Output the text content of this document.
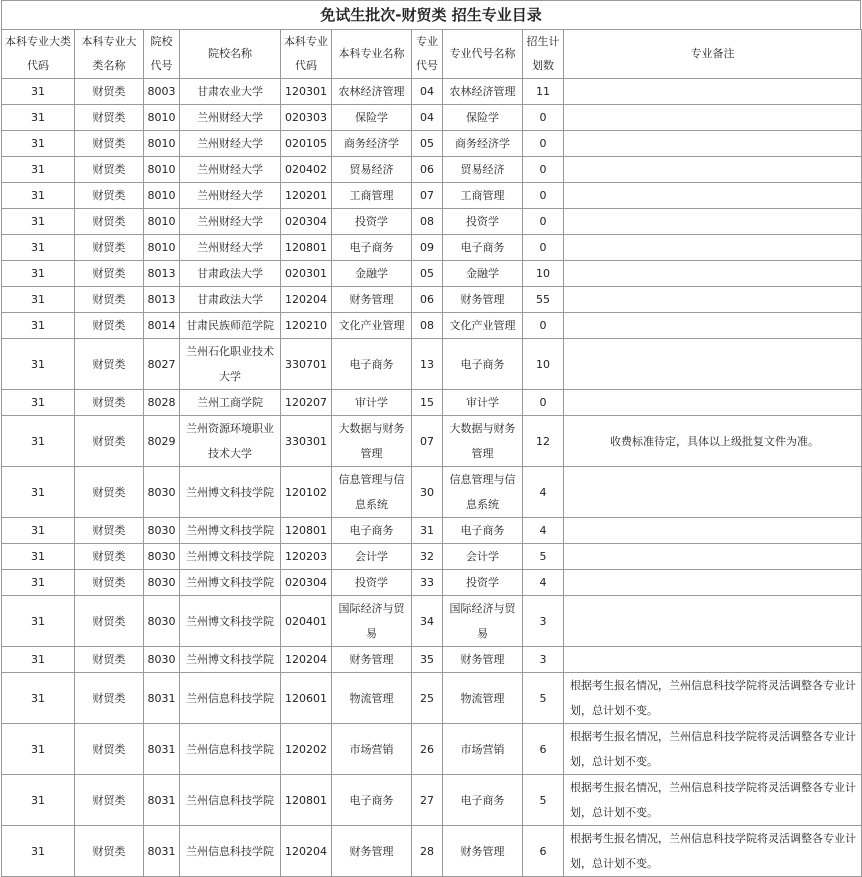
免试生批次-财贸类 招生专业目录
本科专业大类代码	本科专业大类名称	院校代号	院校名称	本科专业代码	本科专业名称	专业代号	专业代号名称	招生计划数	专业备注
31	财贸类	8003	甘肃农业大学	120301	农林经济管理	04	农林经济管理	11	
31	财贸类	8010	兰州财经大学	020303	保险学	04	保险学	0	
31	财贸类	8010	兰州财经大学	020105	商务经济学	05	商务经济学	0	
31	财贸类	8010	兰州财经大学	020402	贸易经济	06	贸易经济	0	
31	财贸类	8010	兰州财经大学	120201	工商管理	07	工商管理	0	
31	财贸类	8010	兰州财经大学	020304	投资学	08	投资学	0	
31	财贸类	8010	兰州财经大学	120801	电子商务	09	电子商务	0	
31	财贸类	8013	甘肃政法大学	020301	金融学	05	金融学	10	
31	财贸类	8013	甘肃政法大学	120204	财务管理	06	财务管理	55	
31	财贸类	8014	甘肃民族师范学院	120210	文化产业管理	08	文化产业管理	0	
31	财贸类	8027	兰州石化职业技术大学	330701	电子商务	13	电子商务	10	
31	财贸类	8028	兰州工商学院	120207	审计学	15	审计学	0	
31	财贸类	8029	兰州资源环境职业技术大学	330301	大数据与财务管理	07	大数据与财务管理	12	收费标准待定，具体以上级批复文件为准。
31	财贸类	8030	兰州博文科技学院	120102	信息管理与信息系统	30	信息管理与信息系统	4	
31	财贸类	8030	兰州博文科技学院	120801	电子商务	31	电子商务	4	
31	财贸类	8030	兰州博文科技学院	120203	会计学	32	会计学	5	
31	财贸类	8030	兰州博文科技学院	020304	投资学	33	投资学	4	
31	财贸类	8030	兰州博文科技学院	020401	国际经济与贸易	34	国际经济与贸易	3	
31	财贸类	8030	兰州博文科技学院	120204	财务管理	35	财务管理	3	
31	财贸类	8031	兰州信息科技学院	120601	物流管理	25	物流管理	5	根据考生报名情况，兰州信息科技学院将灵活调整各专业计划，总计划不变。
31	财贸类	8031	兰州信息科技学院	120202	市场营销	26	市场营销	6	根据考生报名情况，兰州信息科技学院将灵活调整各专业计划，总计划不变。
31	财贸类	8031	兰州信息科技学院	120801	电子商务	27	电子商务	5	根据考生报名情况，兰州信息科技学院将灵活调整各专业计划，总计划不变。
31	财贸类	8031	兰州信息科技学院	120204	财务管理	28	财务管理	6	根据考生报名情况，兰州信息科技学院将灵活调整各专业计划，总计划不变。
